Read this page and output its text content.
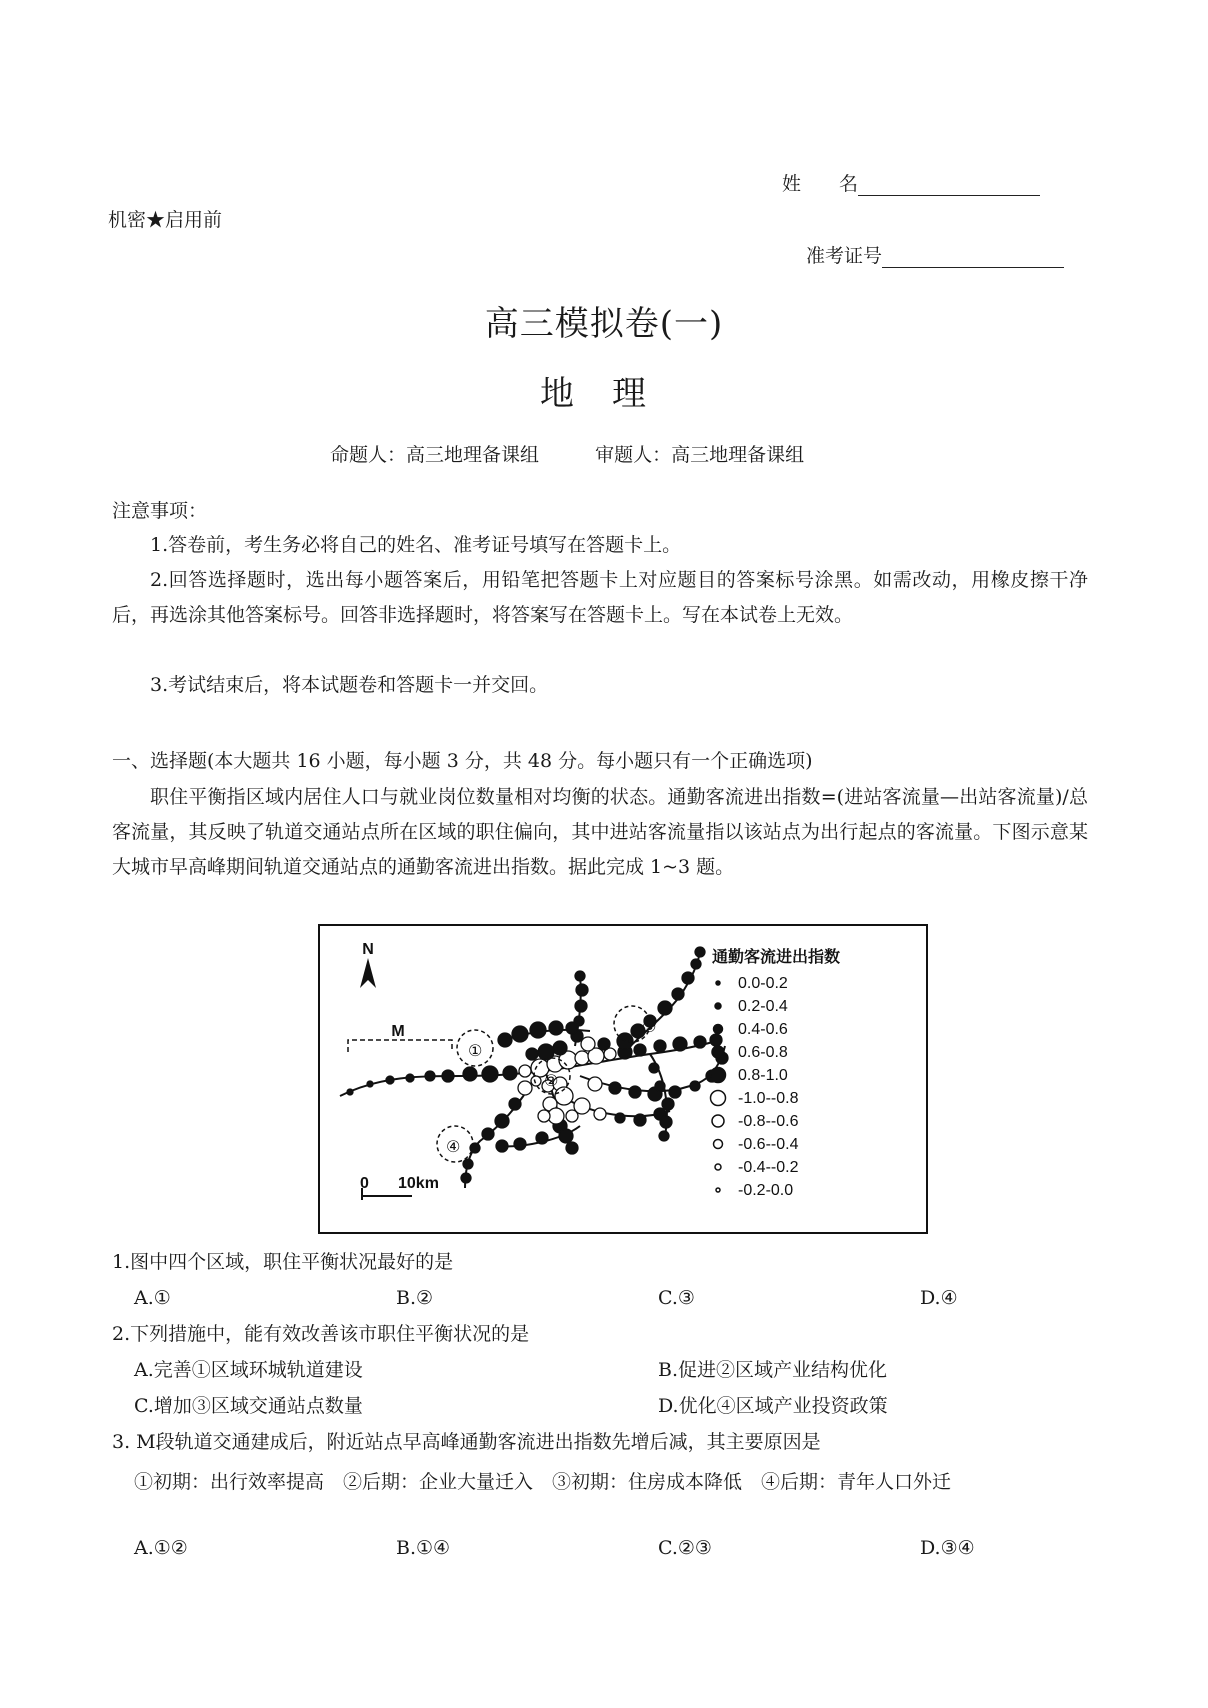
姓　　名
机密★启用前
准考证号
高三模拟卷(一)
地理
命题人：高三地理备课组	审题人：高三地理备课组
注意事项：
1.答卷前，考生务必将自己的姓名、准考证号填写在答题卡上。
2.回答选择题时，选出每小题答案后，用铅笔把答题卡上对应题目的答案标号涂黑。如需改动，用橡皮擦干净后，再选涂其他答案标号。回答非选择题时，将答案写在答题卡上。写在本试卷上无效。
3.考试结束后，将本试题卷和答题卡一并交回。
一、选择题(本大题共 16 小题，每小题 3 分，共 48 分。每小题只有一个正确选项)
职住平衡指区域内居住人口与就业岗位数量相对均衡的状态。通勤客流进出指数=(进站客流量—出站客流量)/总客流量，其反映了轨道交通站点所在区域的职住偏向，其中进站客流量指以该站点为出行起点的客流量。下图示意某大城市早高峰期间轨道交通站点的通勤客流进出指数。据此完成 1~3 题。
N
M
0 10km
①
②
③
④
通勤客流进出指数
0.0-0.2
0.2-0.4
0.4-0.6
0.6-0.8
0.8-1.0
-1.0--0.8
-0.8--0.6
-0.6--0.4
-0.4--0.2
-0.2-0.0
1.图中四个区域，职住平衡状况最好的是
A.①	B.②	C.③	D.④
2.下列措施中，能有效改善该市职住平衡状况的是
A.完善①区域环城轨道建设	B.促进②区域产业结构优化
C.增加③区域交通站点数量	D.优化④区域产业投资政策
3. M段轨道交通建成后，附近站点早高峰通勤客流进出指数先增后减，其主要原因是
①初期：出行效率提高　②后期：企业大量迁入　③初期：住房成本降低　④后期：青年人口外迁
A.①②	B.①④	C.②③	D.③④
